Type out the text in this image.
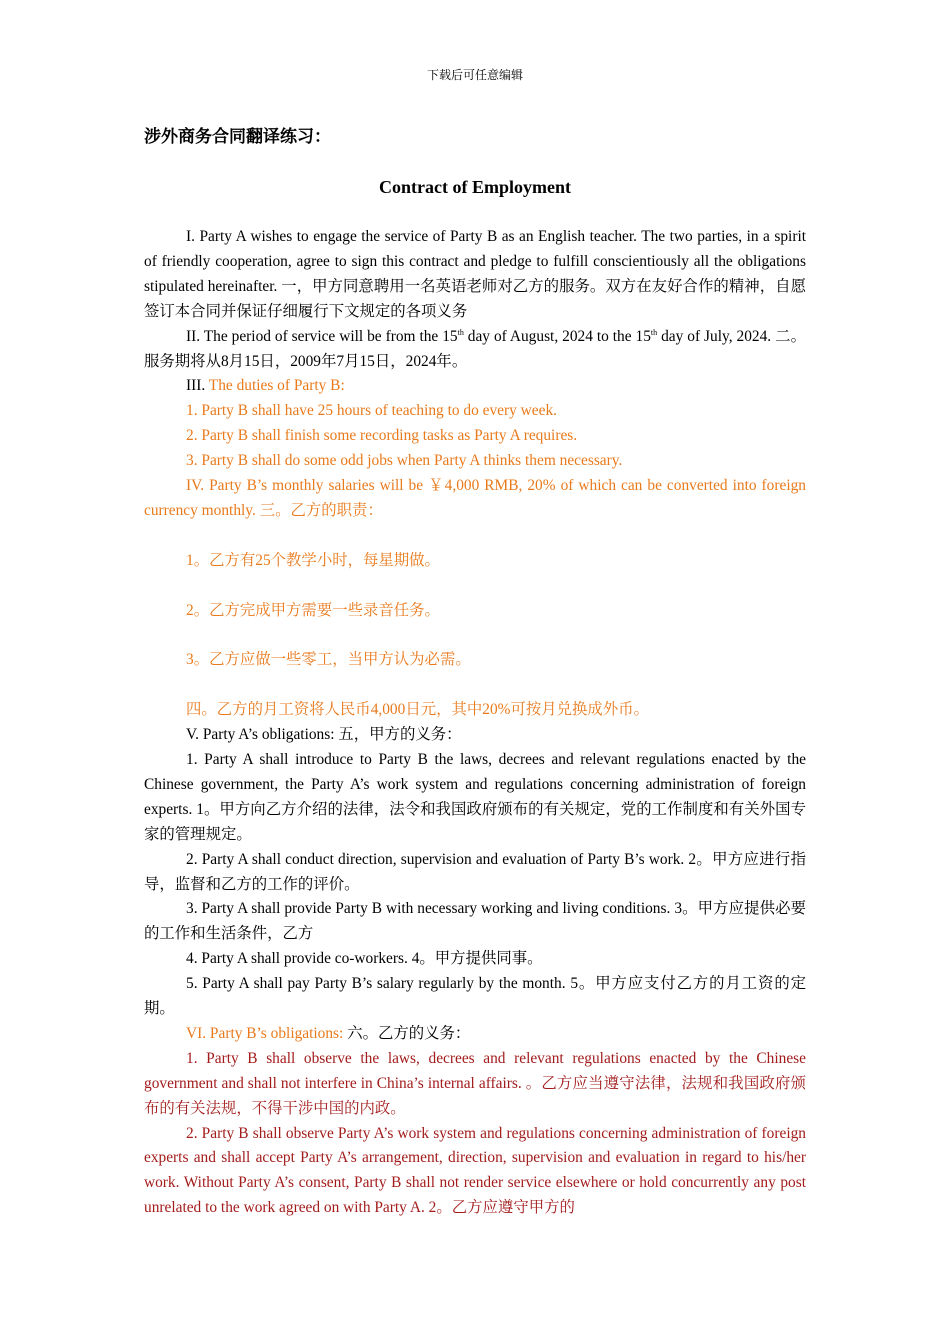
下载后可任意编辑
涉外商务合同翻译练习：
Contract of Employment

I. Party A wishes to engage the service of Party B as an English teacher. The two parties, in a spirit of friendly cooperation, agree to sign this contract and pledge to fulfill conscientiously all the obligations stipulated hereinafter. 一，甲方同意聘用一名英语老师对乙方的服务。双方在友好合作的精神，自愿签订本合同并保证仔细履行下文规定的各项义务

II. The period of service will be from the 15th day of August, 2024 to the 15th day of July, 2024. 二。服务期将从8月15日，2009年7月15日，2024年。

III. The duties of Party B:

1. Party B shall have 25 hours of teaching to do every week.

2. Party B shall finish some recording tasks as Party A requires.

3. Party B shall do some odd jobs when Party A thinks them necessary.

IV. Party B’s monthly salaries will be ￥4,000 RMB, 20% of which can be converted into foreign currency monthly. 三。乙方的职责：

1。乙方有25个教学小时，每星期做。

2。乙方完成甲方需要一些录音任务。

3。乙方应做一些零工，当甲方认为必需。

四。乙方的月工资将人民币4,000日元，其中20%可按月兑换成外币。

V. Party A’s obligations: 五，甲方的义务：

1. Party A shall introduce to Party B the laws, decrees and relevant regulations enacted by the Chinese government, the Party A’s work system and regulations concerning administration of foreign experts. 1。甲方向乙方介绍的法律，法令和我国政府颁布的有关规定，党的工作制度和有关外国专家的管理规定。

2. Party A shall conduct direction, supervision and evaluation of Party B’s work. 2。甲方应进行指导，监督和乙方的工作的评价。

3. Party A shall provide Party B with necessary working and living conditions. 3。甲方应提供必要的工作和生活条件，乙方

4. Party A shall provide co-workers. 4。甲方提供同事。

5. Party A shall pay Party B’s salary regularly by the month. 5。甲方应支付乙方的月工资的定期。

VI. Party B’s obligations: 六。乙方的义务：

1. Party B shall observe the laws, decrees and relevant regulations enacted by the Chinese government and shall not interfere in China’s internal affairs. 。乙方应当遵守法律，法规和我国政府颁布的有关法规，不得干涉中国的内政。

2. Party B shall observe Party A’s work system and regulations concerning administration of foreign experts and shall accept Party A’s arrangement, direction, supervision and evaluation in regard to his/her work. Without Party A’s consent, Party B shall not render service elsewhere or hold concurrently any post unrelated to the work agreed on with Party A. 2。乙方应遵守甲方的
